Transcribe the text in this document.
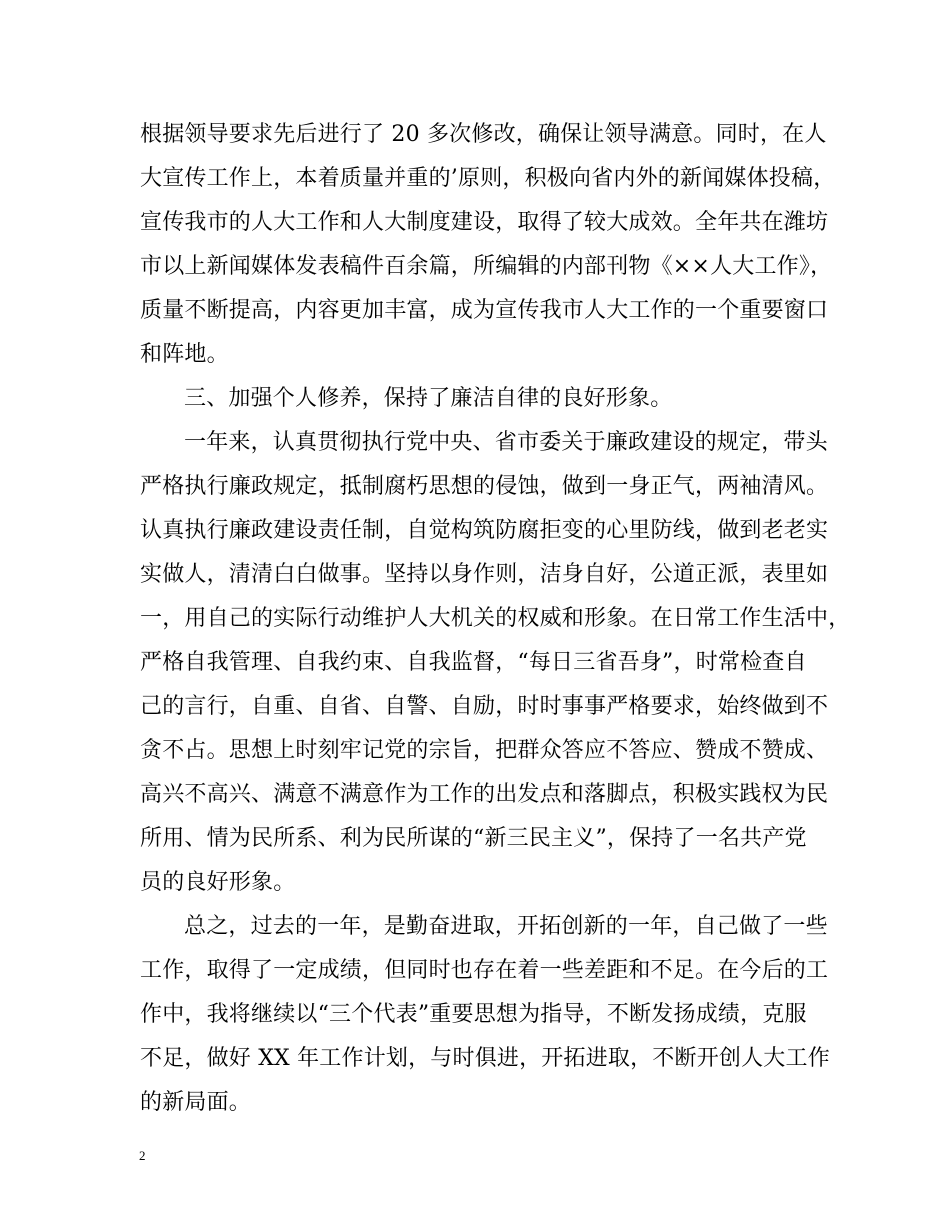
根据领导要求先后进行了 20 多次修改，确保让领导满意。同时，在人
大宣传工作上，本着质量并重的’原则，积极向省内外的新闻媒体投稿，
宣传我市的人大工作和人大制度建设，取得了较大成效。全年共在潍坊
市以上新闻媒体发表稿件百余篇，所编辑的内部刊物《××人大工作》，
质量不断提高，内容更加丰富，成为宣传我市人大工作的一个重要窗口
和阵地。
三、加强个人修养，保持了廉洁自律的良好形象。
一年来，认真贯彻执行党中央、省市委关于廉政建设的规定，带头
严格执行廉政规定，抵制腐朽思想的侵蚀，做到一身正气，两袖清风。
认真执行廉政建设责任制，自觉构筑防腐拒变的心里防线，做到老老实
实做人，清清白白做事。坚持以身作则，洁身自好，公道正派，表里如
一，用自己的实际行动维护人大机关的权威和形象。在日常工作生活中，
严格自我管理、自我约束、自我监督，“每日三省吾身”，时常检查自
己的言行，自重、自省、自警、自励，时时事事严格要求，始终做到不
贪不占。思想上时刻牢记党的宗旨，把群众答应不答应、赞成不赞成、
高兴不高兴、满意不满意作为工作的出发点和落脚点，积极实践权为民
所用、情为民所系、利为民所谋的“新三民主义”，保持了一名共产党
员的良好形象。
总之，过去的一年，是勤奋进取，开拓创新的一年，自己做了一些
工作，取得了一定成绩，但同时也存在着一些差距和不足。在今后的工
作中，我将继续以“三个代表”重要思想为指导，不断发扬成绩，克服
不足，做好 XX 年工作计划，与时俱进，开拓进取，不断开创人大工作
的新局面。
2
